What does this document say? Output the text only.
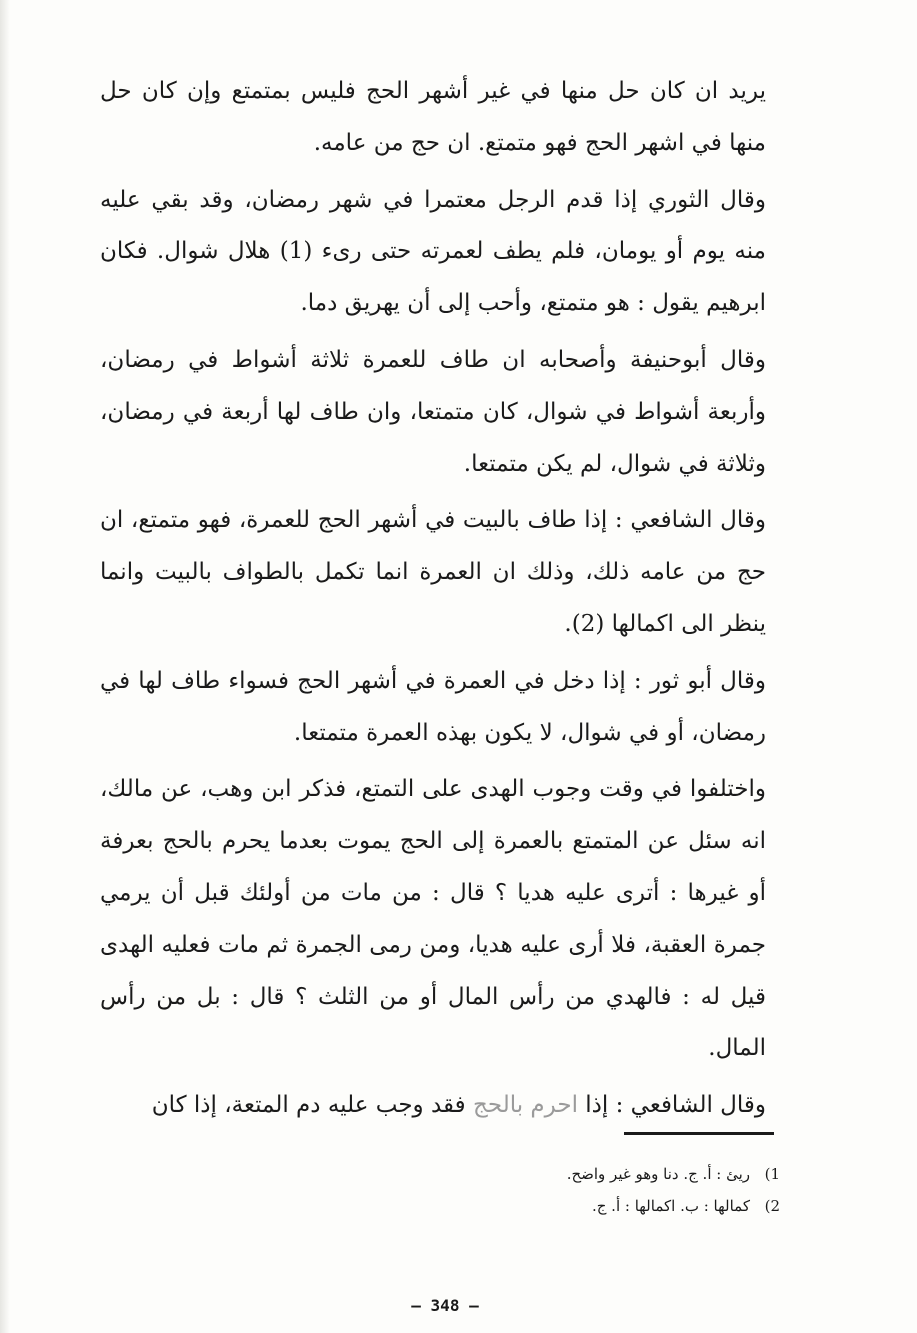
يريد ان كان حل منها في غير أشهر الحج فليس بمتمتع وإن كان حل منها في اشهر الحج فهو متمتع. ان حج من عامه.

وقال الثوري إذا قدم الرجل معتمرا في شهر رمضان، وقد بقي عليه منه يوم أو يومان، فلم يطف لعمرته حتى رىء (1) هلال شوال. فكان ابرهيم يقول : هو متمتع، وأحب إلى أن يهريق دما.

وقال أبوحنيفة وأصحابه ان طاف للعمرة ثلاثة أشواط في رمضان، وأربعة أشواط في شوال، كان متمتعا، وان طاف لها أربعة في رمضان، وثلاثة في شوال، لم يكن متمتعا.

وقال الشافعي : إذا طاف بالبيت في أشهر الحج للعمرة، فهو متمتع، ان حج من عامه ذلك، وذلك ان العمرة انما تكمل بالطواف بالبيت وانما ينظر الى اكمالها (2).

وقال أبو ثور : إذا دخل في العمرة في أشهر الحج فسواء طاف لها في رمضان، أو في شوال، لا يكون بهذه العمرة متمتعا.

واختلفوا في وقت وجوب الهدى على التمتع، فذكر ابن وهب، عن مالك، انه سئل عن المتمتع بالعمرة إلى الحج يموت بعدما يحرم بالحج بعرفة أو غيرها : أترى عليه هديا ؟ قال : من مات من أولئك قبل أن يرمي جمرة العقبة، فلا أرى عليه هديا، ومن رمى الجمرة ثم مات فعليه الهدى قيل له : فالهدي من رأس المال أو من الثلث ؟ قال : بل من رأس المال.

وقال الشافعي : إذا احرم بالحج فقد وجب عليه دم المتعة، إذا كان

1)
ريئ : أ. ج. دنا وهو غير واضح.
2)
كمالها : ب. اكمالها : أ. ج.
– 348 –
